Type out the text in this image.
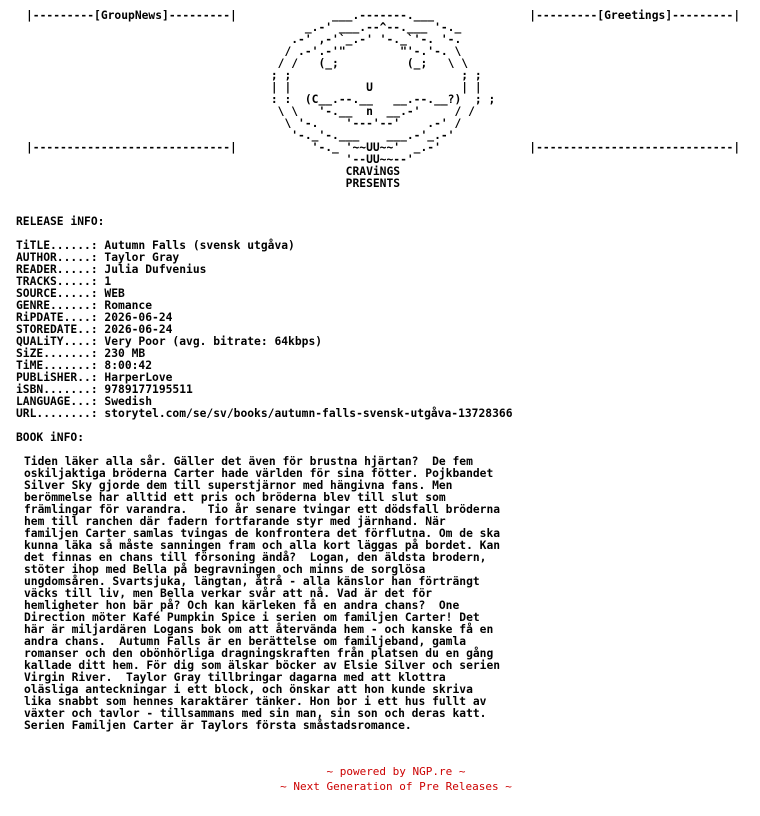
|---------[GroupNews]---------|              ___.-------.___              |---------[Greetings]---------|
_.-' ___.--^--.___ '-._
.-' ,-'`_.-' '-._`'-. '-.
/ .-'.-'"        "'-.'-. \
/ /   (_;          (_;   \ \
; ;                         ; ;
| |           U             | |
: :  (C__.--.__   __.--.__?)  ; ;
\ \   '-.__  n  __.-'     / /
\ '-.    '---'--'    .-' /
'-._'-.___    ___.-'_.-'
|-----------------------------|           '-._ '~~UU~~'  _.-'             |-----------------------------|
'--UU~~--'
CRAViNGS
PRESENTS
RELEASE iNFO:

TiTLE......: Autumn Falls (svensk utgåva)
AUTHOR.....: Taylor Gray
READER.....: Julia Dufvenius
TRACKS.....: 1
SOURCE.....: WEB
GENRE......: Romance
RiPDATE....: 2026-06-24
STOREDATE..: 2026-06-24
QUALiTY....: Very Poor (avg. bitrate: 64kbps)
SiZE.......: 230 MB
TiME.......: 8:00:42
PUBLiSHER..: HarperLove
iSBN.......: 9789177195511
LANGUAGE...: Swedish
URL........: storytel.com/se/sv/books/autumn-falls-svensk-utgåva-13728366
BOOK iNFO:
Tiden läker alla sår. Gäller det även för brustna hjärtan?  De fem
oskiljaktiga bröderna Carter hade världen för sina fötter. Pojkbandet
Silver Sky gjorde dem till superstjärnor med hängivna fans. Men
berömmelse har alltid ett pris och bröderna blev till slut som
främlingar för varandra.   Tio år senare tvingar ett dödsfall bröderna
hem till ranchen där fadern fortfarande styr med järnhand. När
familjen Carter samlas tvingas de konfrontera det förflutna. Om de ska
kunna läka så måste sanningen fram och alla kort läggas på bordet. Kan
det finnas en chans till försoning ändå?  Logan, den äldsta brodern,
stöter ihop med Bella på begravningen och minns de sorglösa
ungdomsåren. Svartsjuka, längtan, åtrå - alla känslor han förträngt
väcks till liv, men Bella verkar svår att nå. Vad är det för
hemligheter hon bär på? Och kan kärleken få en andra chans?  One
Direction möter Kafé Pumpkin Spice i serien om familjen Carter! Det
här är miljardären Logans bok om att återvända hem - och kanske få en
andra chans.  Autumn Falls är en berättelse om familjeband, gamla
romanser och den obönhörliga dragningskraften från platsen du en gång
kallade ditt hem. För dig som älskar böcker av Elsie Silver och serien
Virgin River.  Taylor Gray tillbringar dagarna med att klottra
oläsliga anteckningar i ett block, och önskar att hon kunde skriva
lika snabbt som hennes karaktärer tänker. Hon bor i ett hus fullt av
växter och tavlor - tillsammans med sin man, sin son och deras katt.
Serien Familjen Carter är Taylors första småstadsromance.
~ powered by NGP.re ~
~ Next Generation of Pre Releases ~
